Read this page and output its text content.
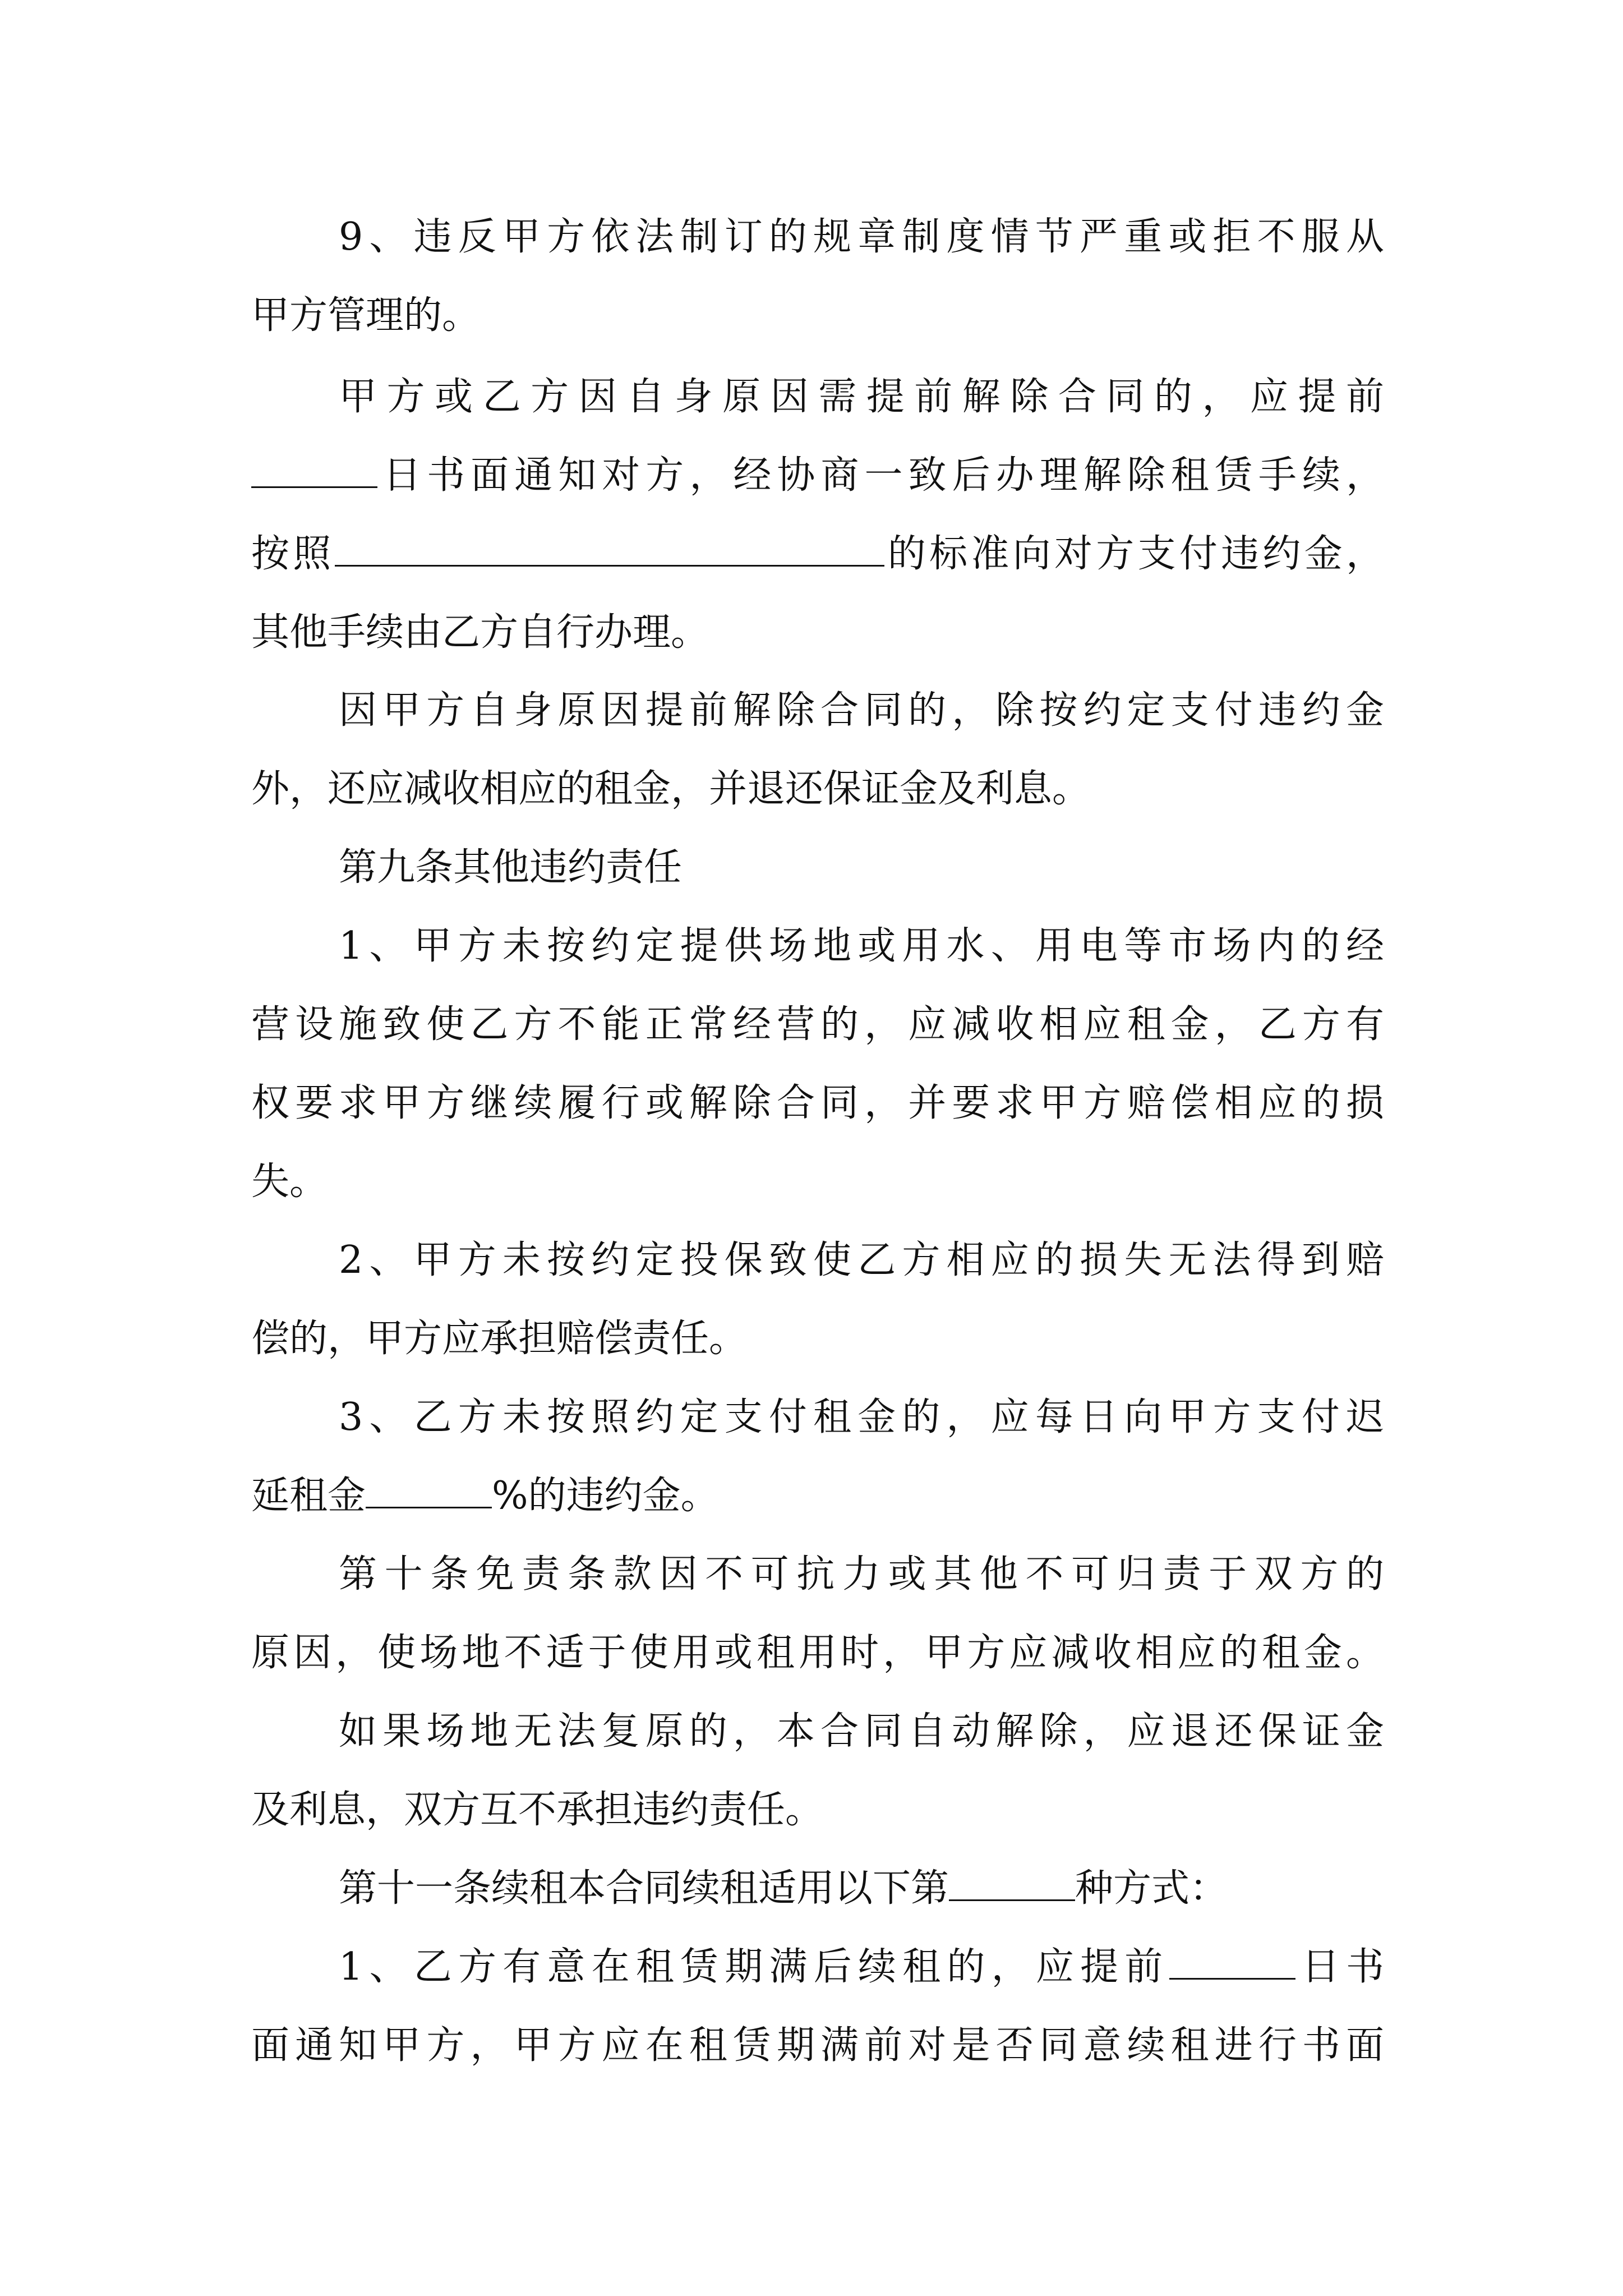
9、违反甲方依法制订的规章制度情节严重或拒不服从
甲方管理的。
甲方或乙方因自身原因需提前解除合同的，应提前
日书面通知对方，经协商一致后办理解除租赁手续，
按照	的标准向对方支付违约金，
其他手续由乙方自行办理。
因甲方自身原因提前解除合同的，除按约定支付违约金
外，还应减收相应的租金，并退还保证金及利息。
第九条其他违约责任
1、甲方未按约定提供场地或用水、用电等市场内的经
营设施致使乙方不能正常经营的，应减收相应租金，乙方有
权要求甲方继续履行或解除合同，并要求甲方赔偿相应的损
失。
2、甲方未按约定投保致使乙方相应的损失无法得到赔
偿的，甲方应承担赔偿责任。
3、乙方未按照约定支付租金的，应每日向甲方支付迟
延租金	%的违约金。
第十条免责条款因不可抗力或其他不可归责于双方的
原因，使场地不适于使用或租用时，甲方应减收相应的租金。
如果场地无法复原的，本合同自动解除，应退还保证金
及利息，双方互不承担违约责任。
第十一条续租本合同续租适用以下第	种方式：
1、乙方有意在租赁期满后续租的，应提前	日书
面通知甲方，甲方应在租赁期满前对是否同意续租进行书面
